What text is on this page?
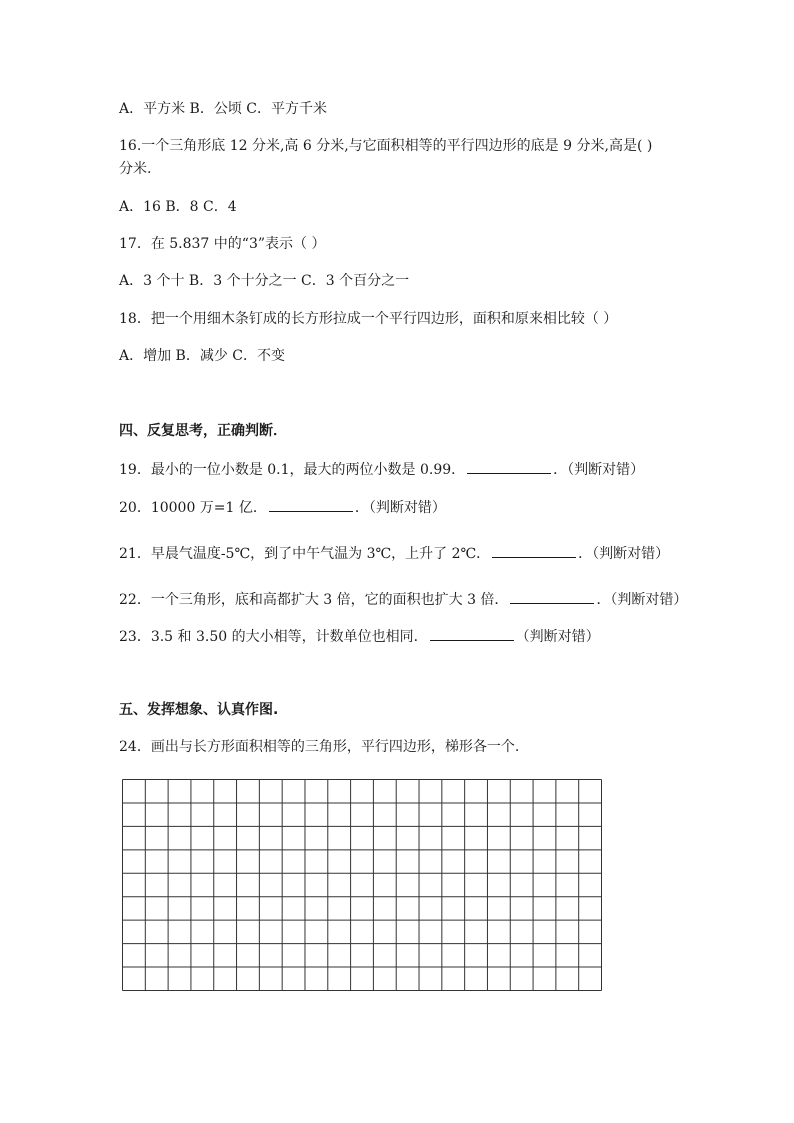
A．平方米 B．公顷 C．平方千米
16.一个三角形底 12 分米,高 6 分米,与它面积相等的平行四边形的底是 9 分米,高是( )
分米.
A．16 B．8 C．4
17．在 5.837 中的“3”表示（ ）
A．3 个十 B．3 个十分之一 C．3 个百分之一
18．把一个用细木条钉成的长方形拉成一个平行四边形，面积和原来相比较（ ）
A．增加 B．减少 C．不变
四、反复思考，正确判断．
19．最小的一位小数是 0.1，最大的两位小数是 0.99．	．（判断对错）
20．10000 万=1 亿．	．（判断对错）
21．早晨气温度-5℃，到了中午气温为 3℃，上升了 2℃．	．（判断对错）
22．一个三角形，底和高都扩大 3 倍，它的面积也扩大 3 倍．	．（判断对错）
23．3.5 和 3.50 的大小相等，计数单位也相同．	（判断对错）
五、发挥想象、认真作图.
24．画出与长方形面积相等的三角形，平行四边形，梯形各一个.
